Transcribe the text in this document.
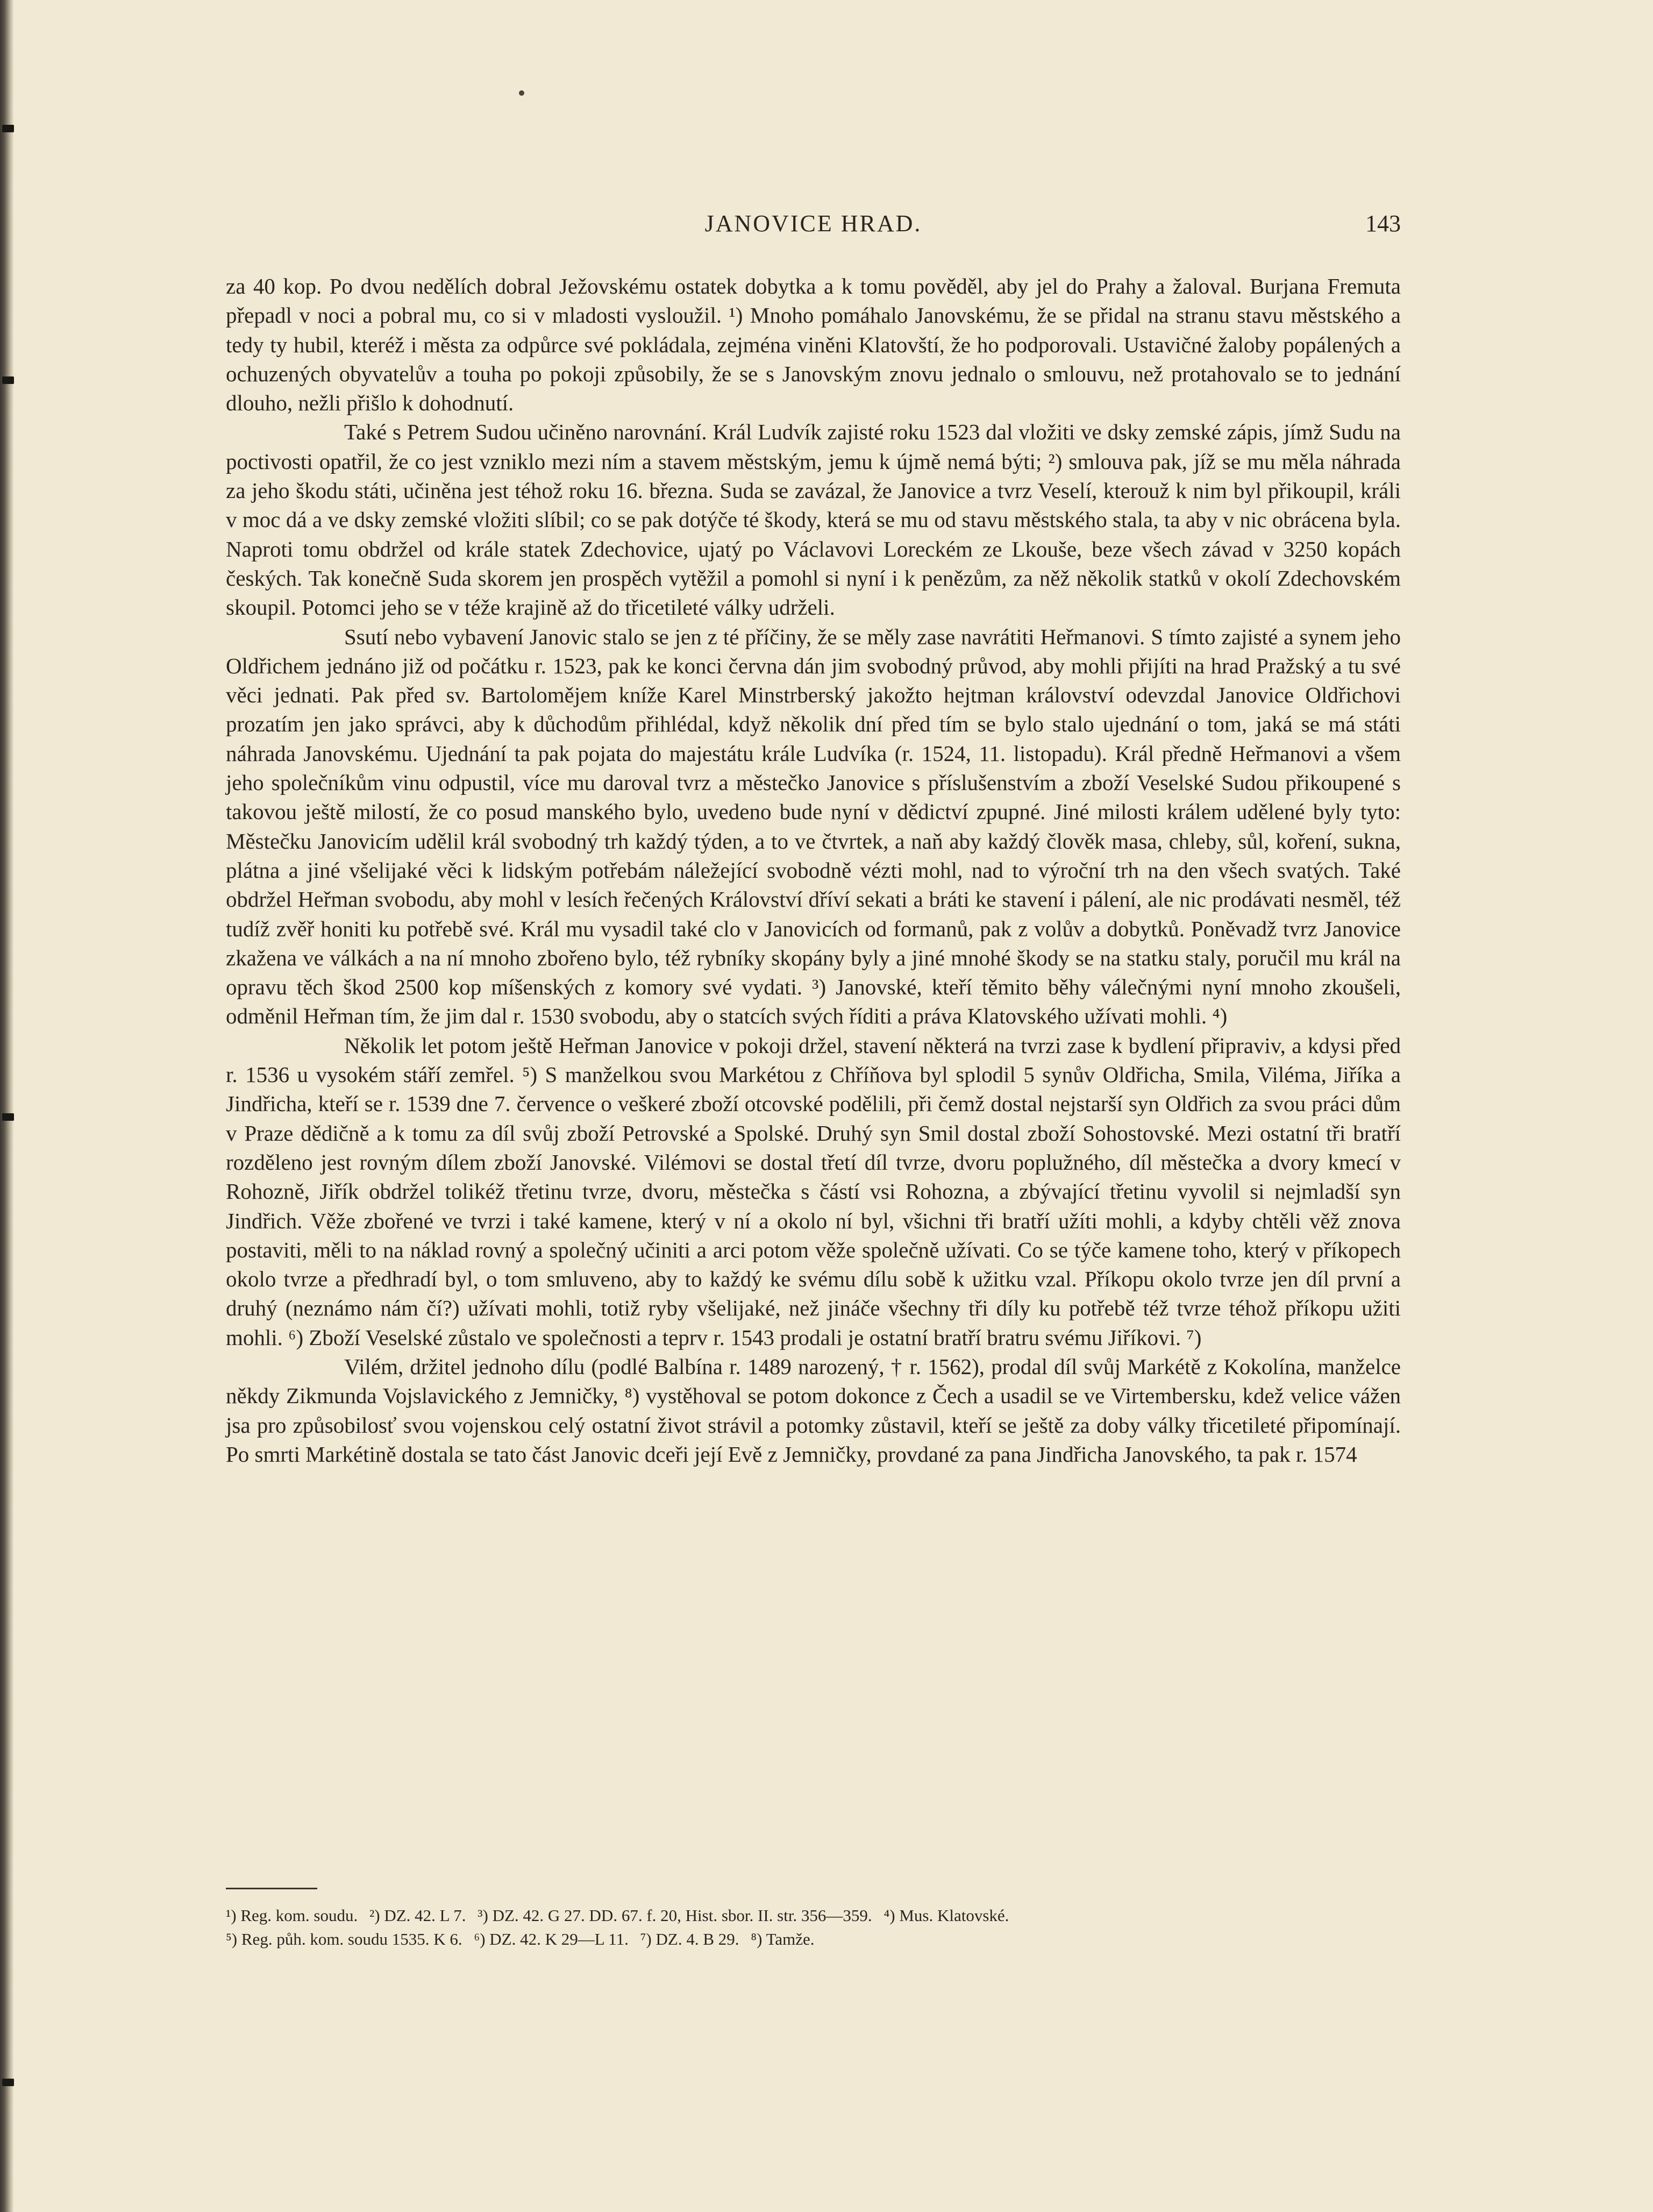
JANOVICE HRAD.	143

za 40 kop. Po dvou nedělích dobral Ježovskému ostatek dobytka a k tomu pověděl, aby jel do Prahy a žaloval. Burjana Fremuta přepadl v noci a pobral mu, co si v mladosti vysloužil. ¹) Mnoho pomáhalo Janovskému, že se přidal na stranu stavu městského a tedy ty hubil, kteréž i města za odpůrce své pokládala, zejména viněni Klatovští, že ho podporovali. Ustavičné žaloby popálených a ochuzených obyvatelův a touha po pokoji způsobily, že se s Janovským znovu jednalo o smlouvu, než protahovalo se to jednání dlouho, nežli přišlo k dohodnutí.

Také s Petrem Sudou učiněno narovnání. Král Ludvík zajisté roku 1523 dal vložiti ve dsky zemské zápis, jímž Sudu na poctivosti opatřil, že co jest vzniklo mezi ním a stavem městským, jemu k újmě nemá býti; ²) smlouva pak, jíž se mu měla náhrada za jeho škodu státi, učiněna jest téhož roku 16. března. Suda se zavázal, že Janovice a tvrz Veselí, kterouž k nim byl přikoupil, králi v moc dá a ve dsky zemské vložiti slíbil; co se pak dotýče té škody, která se mu od stavu městského stala, ta aby v nic obrácena byla. Naproti tomu obdržel od krále statek Zdechovice, ujatý po Václavovi Loreckém ze Lkouše, beze všech závad v 3250 kopách českých. Tak konečně Suda skorem jen prospěch vytěžil a pomohl si nyní i k penězům, za něž několik statků v okolí Zdechovském skoupil. Potomci jeho se v téže krajině až do třicetileté války udrželi.

Ssutí nebo vybavení Janovic stalo se jen z té příčiny, že se měly zase navrátiti Heřmanovi. S tímto zajisté a synem jeho Oldřichem jednáno již od počátku r. 1523, pak ke konci června dán jim svobodný průvod, aby mohli přijíti na hrad Pražský a tu své věci jednati. Pak před sv. Bartolomějem kníže Karel Minstrberský jakožto hejtman království odevzdal Janovice Oldřichovi prozatím jen jako správci, aby k důchodům přihlédal, když několik dní před tím se bylo stalo ujednání o tom, jaká se má státi náhrada Janovskému. Ujednání ta pak pojata do majestátu krále Ludvíka (r. 1524, 11. listopadu). Král předně Heřmanovi a všem jeho společníkům vinu odpustil, více mu daroval tvrz a městečko Janovice s příslušenstvím a zboží Veselské Sudou přikoupené s takovou ještě milostí, že co posud manského bylo, uvedeno bude nyní v dědictví zpupné. Jiné milosti králem udělené byly tyto: Městečku Janovicím udělil král svobodný trh každý týden, a to ve čtvrtek, a naň aby každý člověk masa, chleby, sůl, koření, sukna, plátna a jiné všelijaké věci k lidským potřebám náležející svobodně vézti mohl, nad to výroční trh na den všech svatých. Také obdržel Heřman svobodu, aby mohl v lesích řečených Království dříví sekati a bráti ke stavení i pálení, ale nic prodávati nesměl, též tudíž zvěř honiti ku potřebě své. Král mu vysadil také clo v Janovicích od formanů, pak z volův a dobytků. Poněvadž tvrz Janovice zkažena ve válkách a na ní mnoho zbořeno bylo, též rybníky skopány byly a jiné mnohé škody se na statku staly, poručil mu král na opravu těch škod 2500 kop míšenských z komory své vydati. ³) Janovské, kteří těmito běhy válečnými nyní mnoho zkoušeli, odměnil Heřman tím, že jim dal r. 1530 svobodu, aby o statcích svých říditi a práva Klatovského užívati mohli. ⁴)

Několik let potom ještě Heřman Janovice v pokoji držel, stavení některá na tvrzi zase k bydlení připraviv, a kdysi před r. 1536 u vysokém stáří zemřel. ⁵) S manželkou svou Markétou z Chříňova byl splodil 5 synův Oldřicha, Smila, Viléma, Jiříka a Jindřicha, kteří se r. 1539 dne 7. července o veškeré zboží otcovské podělili, při čemž dostal nejstarší syn Oldřich za svou práci dům v Praze dědičně a k tomu za díl svůj zboží Petrovské a Spolské. Druhý syn Smil dostal zboží Sohostovské. Mezi ostatní tři bratří rozděleno jest rovným dílem zboží Janovské. Vilémovi se dostal třetí díl tvrze, dvoru poplužného, díl městečka a dvory kmecí v Rohozně, Jiřík obdržel tolikéž třetinu tvrze, dvoru, městečka s částí vsi Rohozna, a zbývající třetinu vyvolil si nejmladší syn Jindřich. Věže zbořené ve tvrzi i také kamene, který v ní a okolo ní byl, všichni tři bratří užíti mohli, a kdyby chtěli věž znova postaviti, měli to na náklad rovný a společný učiniti a arci potom věže společně užívati. Co se týče kamene toho, který v příkopech okolo tvrze a předhradí byl, o tom smluveno, aby to každý ke svému dílu sobě k užitku vzal. Příkopu okolo tvrze jen díl první a druhý (neznámo nám čí?) užívati mohli, totiž ryby všelijaké, než jináče všechny tři díly ku potřebě též tvrze téhož příkopu užiti mohli. ⁶) Zboží Veselské zůstalo ve společnosti a teprv r. 1543 prodali je ostatní bratří bratru svému Jiříkovi. ⁷)

Vilém, držitel jednoho dílu (podlé Balbína r. 1489 narozený, † r. 1562), prodal díl svůj Markétě z Kokolína, manželce někdy Zikmunda Vojslavického z Jemničky, ⁸) vystěhoval se potom dokonce z Čech a usadil se ve Virtembersku, kdež velice vážen jsa pro způsobilosť svou vojenskou celý ostatní život strávil a potomky zůstavil, kteří se ještě za doby války třicetileté připomínají. Po smrti Markétině dostala se tato část Janovic dceři její Evě z Jemničky, provdané za pana Jindřicha Janovského, ta pak r. 1574

¹) Reg. kom. soudu. ²) DZ. 42. L 7. ³) DZ. 42. G 27. DD. 67. f. 20, Hist. sbor. II. str. 356—359. ⁴) Mus. Klatovské.

⁵) Reg. půh. kom. soudu 1535. K 6. ⁶) DZ. 42. K 29—L 11. ⁷) DZ. 4. B 29. ⁸) Tamže.
